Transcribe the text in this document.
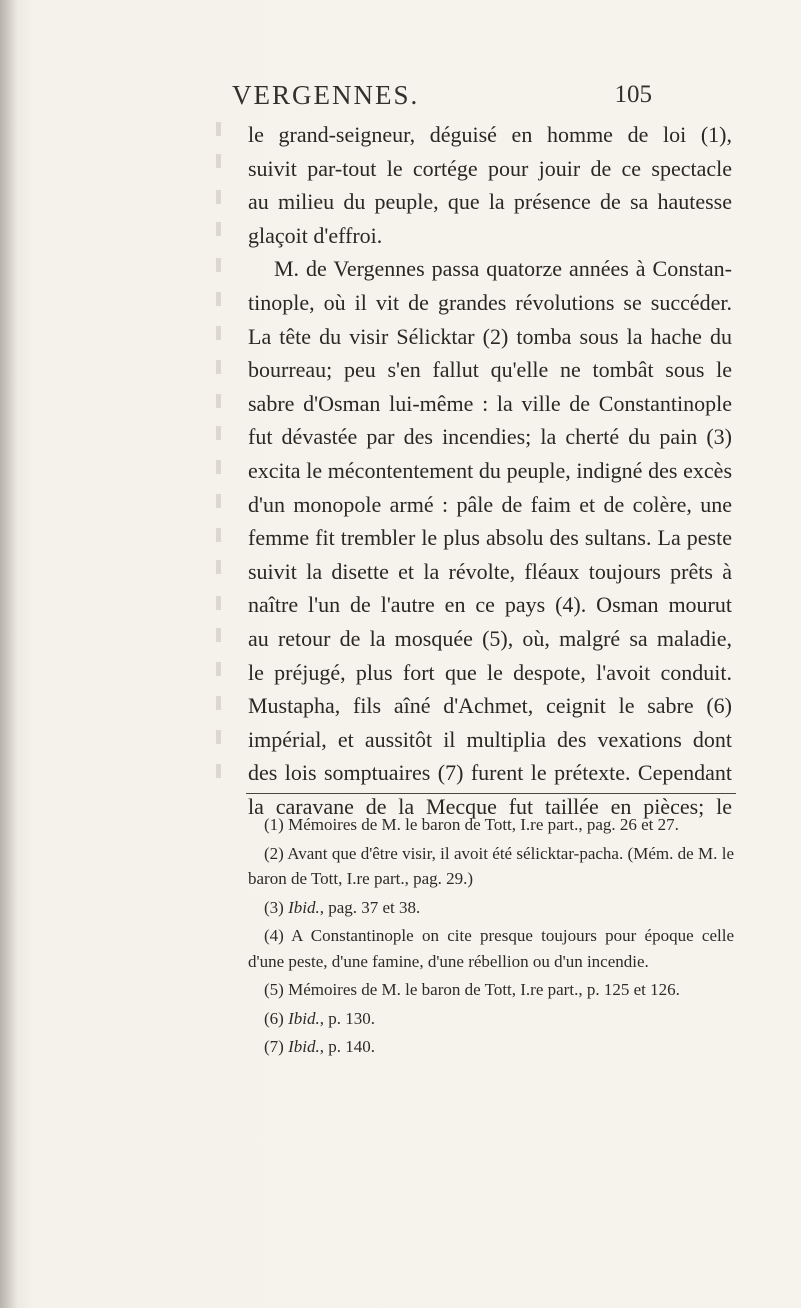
VERGENNES.	105
le grand-seigneur, déguisé en homme de loi (1),
suivit par-tout le cortége pour jouir de ce spectacle
au milieu du peuple, que la présence de sa hautesse
glaçoit d'effroi.
M. de Vergennes passa quatorze années à Constan-
tinople, où il vit de grandes révolutions se succéder.
La tête du visir Sélicktar (2) tomba sous la hache du
bourreau; peu s'en fallut qu'elle ne tombât sous le
sabre d'Osman lui-même : la ville de Constantinople
fut dévastée par des incendies; la cherté du pain (3)
excita le mécontentement du peuple, indigné des excès
d'un monopole armé : pâle de faim et de colère, une
femme fit trembler le plus absolu des sultans. La peste
suivit la disette et la révolte, fléaux toujours prêts à
naître l'un de l'autre en ce pays (4). Osman mourut
au retour de la mosquée (5), où, malgré sa maladie,
le préjugé, plus fort que le despote, l'avoit conduit.
Mustapha, fils aîné d'Achmet, ceignit le sabre (6)
impérial, et aussitôt il multiplia des vexations dont
des lois somptuaires (7) furent le prétexte. Cependant
la caravane de la Mecque fut taillée en pièces; le
(1) Mémoires de M. le baron de Tott, I.re part., pag. 26 et 27.
(2) Avant que d'être visir, il avoit été sélicktar-pacha. (Mém. de M. le baron de Tott, I.re part., pag. 29.)
(3) Ibid., pag. 37 et 38.
(4) A Constantinople on cite presque toujours pour époque celle d'une peste, d'une famine, d'une rébellion ou d'un incendie.
(5) Mémoires de M. le baron de Tott, I.re part., p. 125 et 126.
(6) Ibid., p. 130.
(7) Ibid., p. 140.
